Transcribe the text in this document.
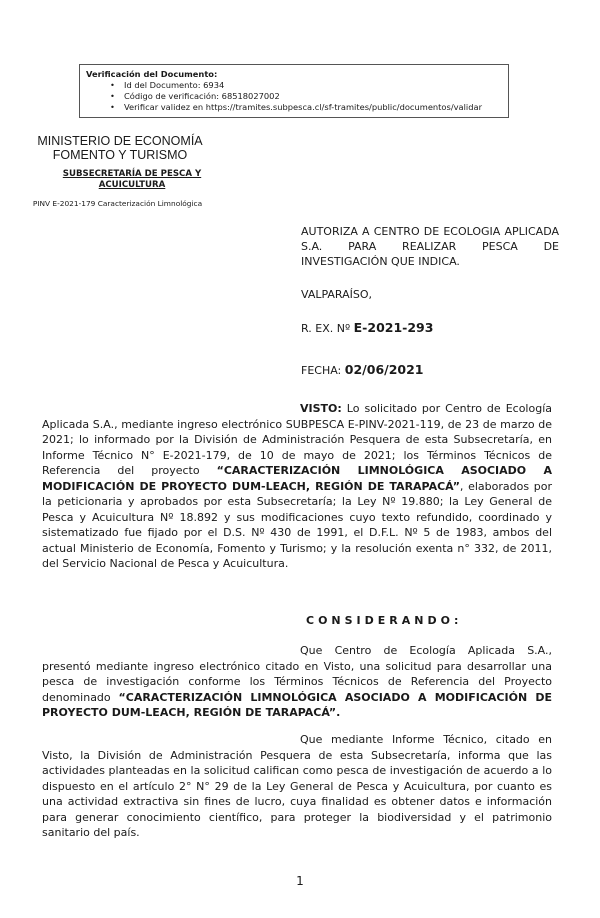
Verificación del Documento:
• Id del Documento: 6934
• Código de verificación: 68518027002
• Verificar validez en https://tramites.subpesca.cl/sf-tramites/public/documentos/validar
MINISTERIO DE ECONOMÍA
FOMENTO Y TURISMO
SUBSECRETARÍA DE PESCA Y ACUICULTURA
PINV E-2021-179 Caracterización Limnológica
AUTORIZA A CENTRO DE ECOLOGIA APLICADA S.A. PARA REALIZAR PESCA DE INVESTIGACIÓN QUE INDICA.
VALPARAÍSO,
R. EX. Nº E-2021-293
FECHA: 02/06/2021
VISTO: Lo solicitado por Centro de Ecología Aplicada S.A., mediante ingreso electrónico SUBPESCA E-PINV-2021-119, de 23 de marzo de 2021; lo informado por la División de Administración Pesquera de esta Subsecretaría, en Informe Técnico N° E-2021-179, de 10 de mayo de 2021; los Términos Técnicos de Referencia del proyecto “CARACTERIZACIÓN LIMNOLÓGICA ASOCIADO A MODIFICACIÓN DE PROYECTO DUM-LEACH, REGIÓN DE TARAPACÁ”, elaborados por la peticionaria y aprobados por esta Subsecretaría; la Ley Nº 19.880; la Ley General de Pesca y Acuicultura Nº 18.892 y sus modificaciones cuyo texto refundido, coordinado y sistematizado fue fijado por el D.S. Nº 430 de 1991, el D.F.L. Nº 5 de 1983, ambos del actual Ministerio de Economía, Fomento y Turismo; y la resolución exenta n° 332, de 2011, del Servicio Nacional de Pesca y Acuicultura.
CONSIDERANDO:
Que Centro de Ecología Aplicada S.A., presentó mediante ingreso electrónico citado en Visto, una solicitud para desarrollar una pesca de investigación conforme los Términos Técnicos de Referencia del Proyecto denominado “CARACTERIZACIÓN LIMNOLÓGICA ASOCIADO A MODIFICACIÓN DE PROYECTO DUM-LEACH, REGIÓN DE TARAPACÁ”.
Que mediante Informe Técnico, citado en Visto, la División de Administración Pesquera de esta Subsecretaría, informa que las actividades planteadas en la solicitud califican como pesca de investigación de acuerdo a lo dispuesto en el artículo 2° N° 29 de la Ley General de Pesca y Acuicultura, por cuanto es una actividad extractiva sin fines de lucro, cuya finalidad es obtener datos e información para generar conocimiento científico, para proteger la biodiversidad y el patrimonio sanitario del país.
1
